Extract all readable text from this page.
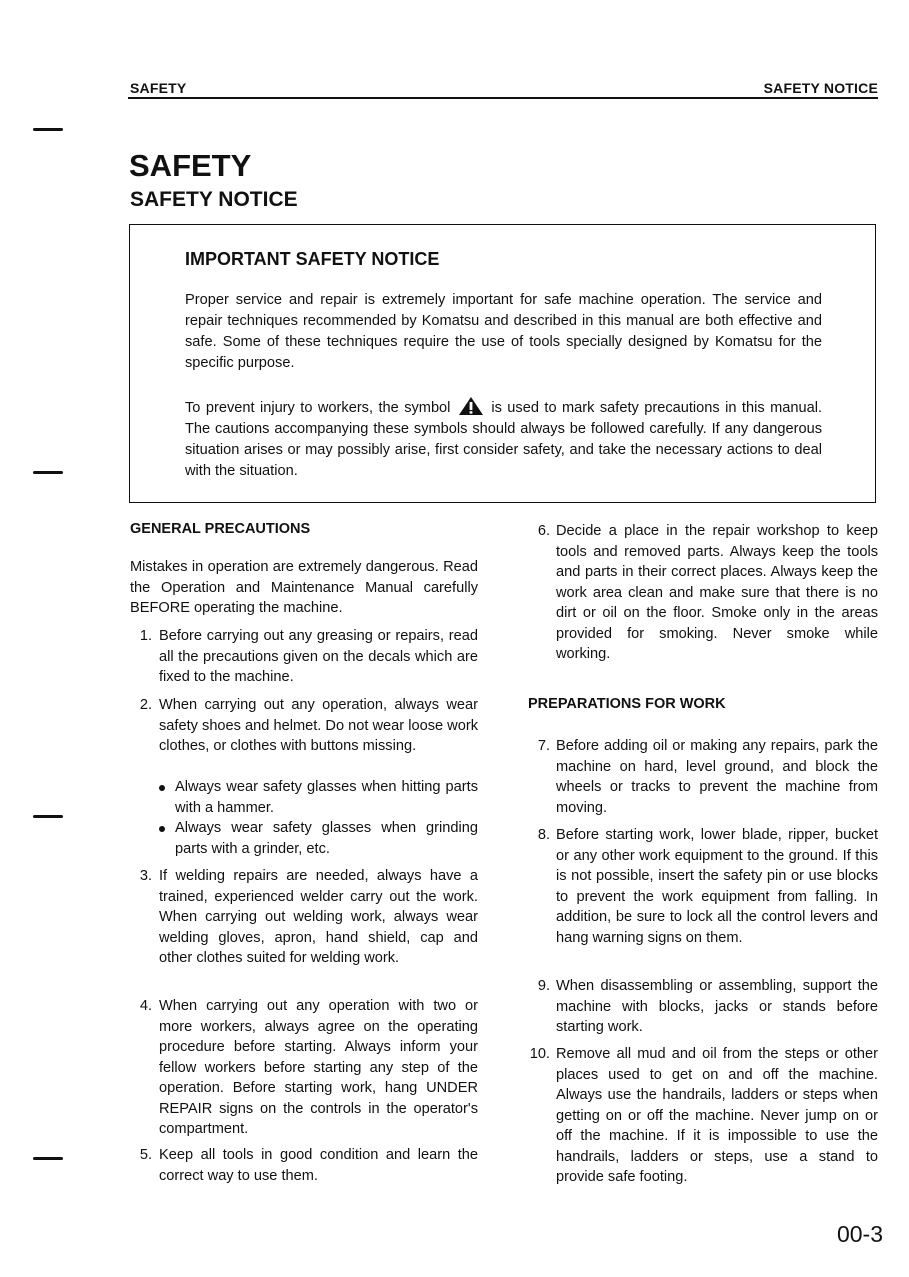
SAFETY	SAFETY NOTICE
SAFETY
SAFETY NOTICE
IMPORTANT SAFETY NOTICE
Proper service and repair is extremely important for safe machine operation. The service and repair techniques recommended by Komatsu and described in this manual are both effective and safe. Some of these techniques require the use of tools specially designed by Komatsu for the specific purpose.
To prevent injury to workers, the symbol	is used to mark safety precautions in this manual. The cautions accompanying these symbols should always be followed carefully. If any dangerous situation arises or may possibly arise, first consider safety, and take the necessary actions to deal with the situation.
GENERAL PRECAUTIONS
Mistakes in operation are extremely dangerous. Read the Operation and Maintenance Manual carefully BEFORE operating the machine.
1. Before carrying out any greasing or repairs, read all the precautions given on the decals which are fixed to the machine.
2. When carrying out any operation, always wear safety shoes and helmet. Do not wear loose work clothes, or clothes with buttons missing.
Always wear safety glasses when hitting parts with a hammer.
Always wear safety glasses when grinding parts with a grinder, etc.
3. If welding repairs are needed, always have a trained, experienced welder carry out the work. When carrying out welding work, always wear welding gloves, apron, hand shield, cap and other clothes suited for welding work.
4. When carrying out any operation with two or more workers, always agree on the operating procedure before starting. Always inform your fellow workers before starting any step of the operation. Before starting work, hang UNDER REPAIR signs on the controls in the operator's compartment.
5. Keep all tools in good condition and learn the correct way to use them.
6. Decide a place in the repair workshop to keep tools and removed parts. Always keep the tools and parts in their correct places. Always keep the work area clean and make sure that there is no dirt or oil on the floor. Smoke only in the areas provided for smoking. Never smoke while working.
PREPARATIONS FOR WORK
7. Before adding oil or making any repairs, park the machine on hard, level ground, and block the wheels or tracks to prevent the machine from moving.
8. Before starting work, lower blade, ripper, bucket or any other work equipment to the ground. If this is not possible, insert the safety pin or use blocks to prevent the work equipment from falling. In addition, be sure to lock all the control levers and hang warning signs on them.
9. When disassembling or assembling, support the machine with blocks, jacks or stands before starting work.
10. Remove all mud and oil from the steps or other places used to get on and off the machine. Always use the handrails, ladders or steps when getting on or off the machine. Never jump on or off the machine. If it is impossible to use the handrails, ladders or steps, use a stand to provide safe footing.
00-3
